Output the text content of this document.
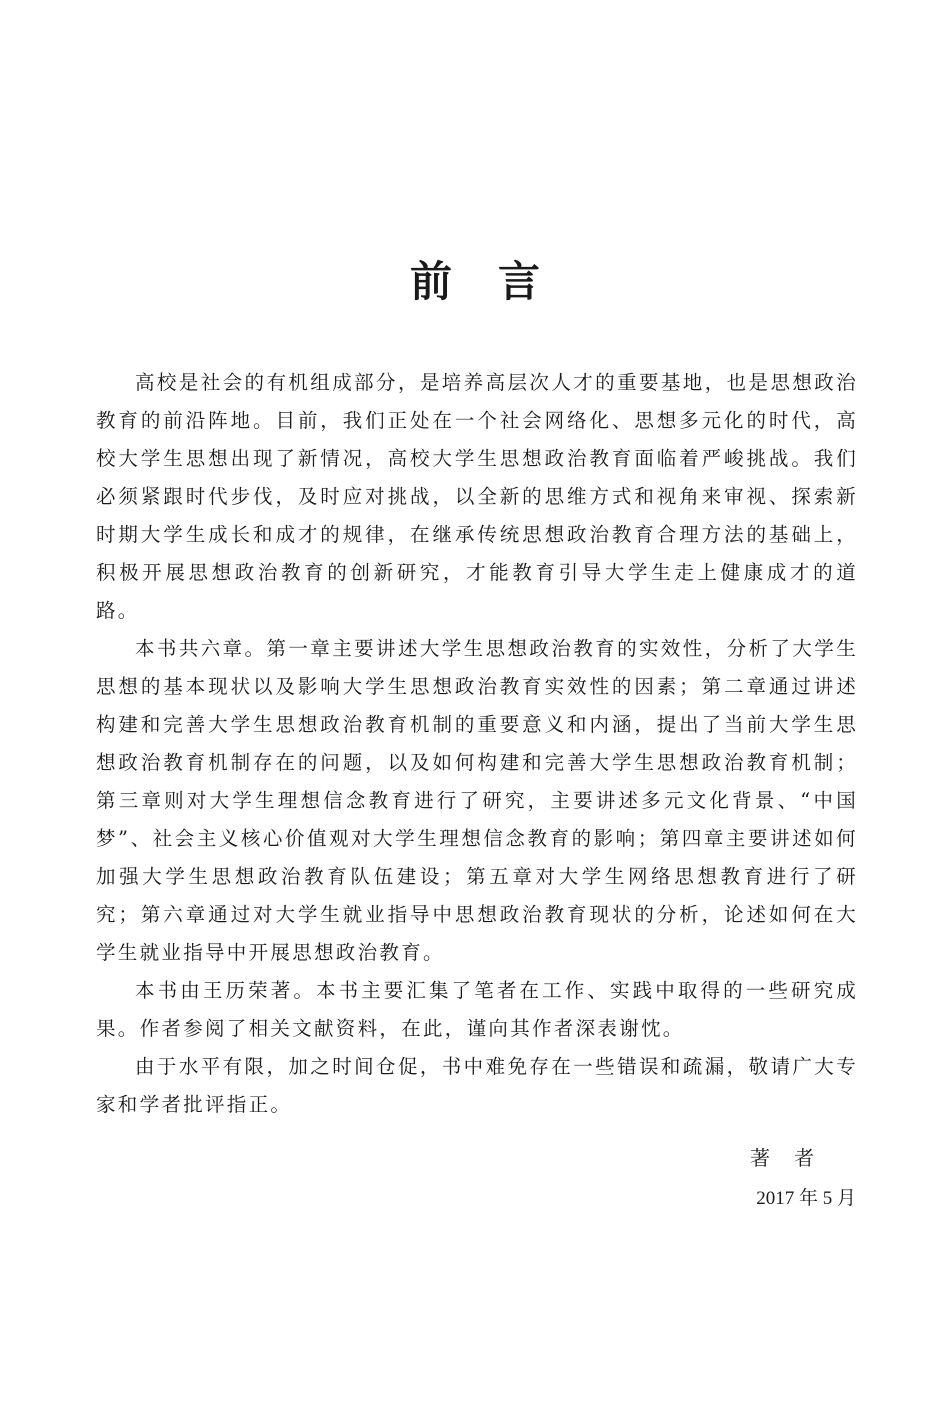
前言

高校是社会的有机组成部分，是培养高层次人才的重要基地，也是思想政治教育的前沿阵地。目前，我们正处在一个社会网络化、思想多元化的时代，高校大学生思想出现了新情况，高校大学生思想政治教育面临着严峻挑战。我们必须紧跟时代步伐，及时应对挑战，以全新的思维方式和视角来审视、探索新时期大学生成长和成才的规律，在继承传统思想政治教育合理方法的基础上，积极开展思想政治教育的创新研究，才能教育引导大学生走上健康成才的道路。

本书共六章。第一章主要讲述大学生思想政治教育的实效性，分析了大学生思想的基本现状以及影响大学生思想政治教育实效性的因素；第二章通过讲述构建和完善大学生思想政治教育机制的重要意义和内涵，提出了当前大学生思想政治教育机制存在的问题，以及如何构建和完善大学生思想政治教育机制；第三章则对大学生理想信念教育进行了研究，主要讲述多元文化背景、“中国梦”、社会主义核心价值观对大学生理想信念教育的影响；第四章主要讲述如何加强大学生思想政治教育队伍建设；第五章对大学生网络思想教育进行了研究；第六章通过对大学生就业指导中思想政治教育现状的分析，论述如何在大学生就业指导中开展思想政治教育。

本书由王历荣著。本书主要汇集了笔者在工作、实践中取得的一些研究成果。作者参阅了相关文献资料，在此，谨向其作者深表谢忱。

由于水平有限，加之时间仓促，书中难免存在一些错误和疏漏，敬请广大专家和学者批评指正。

著者

2017 年 5 月
